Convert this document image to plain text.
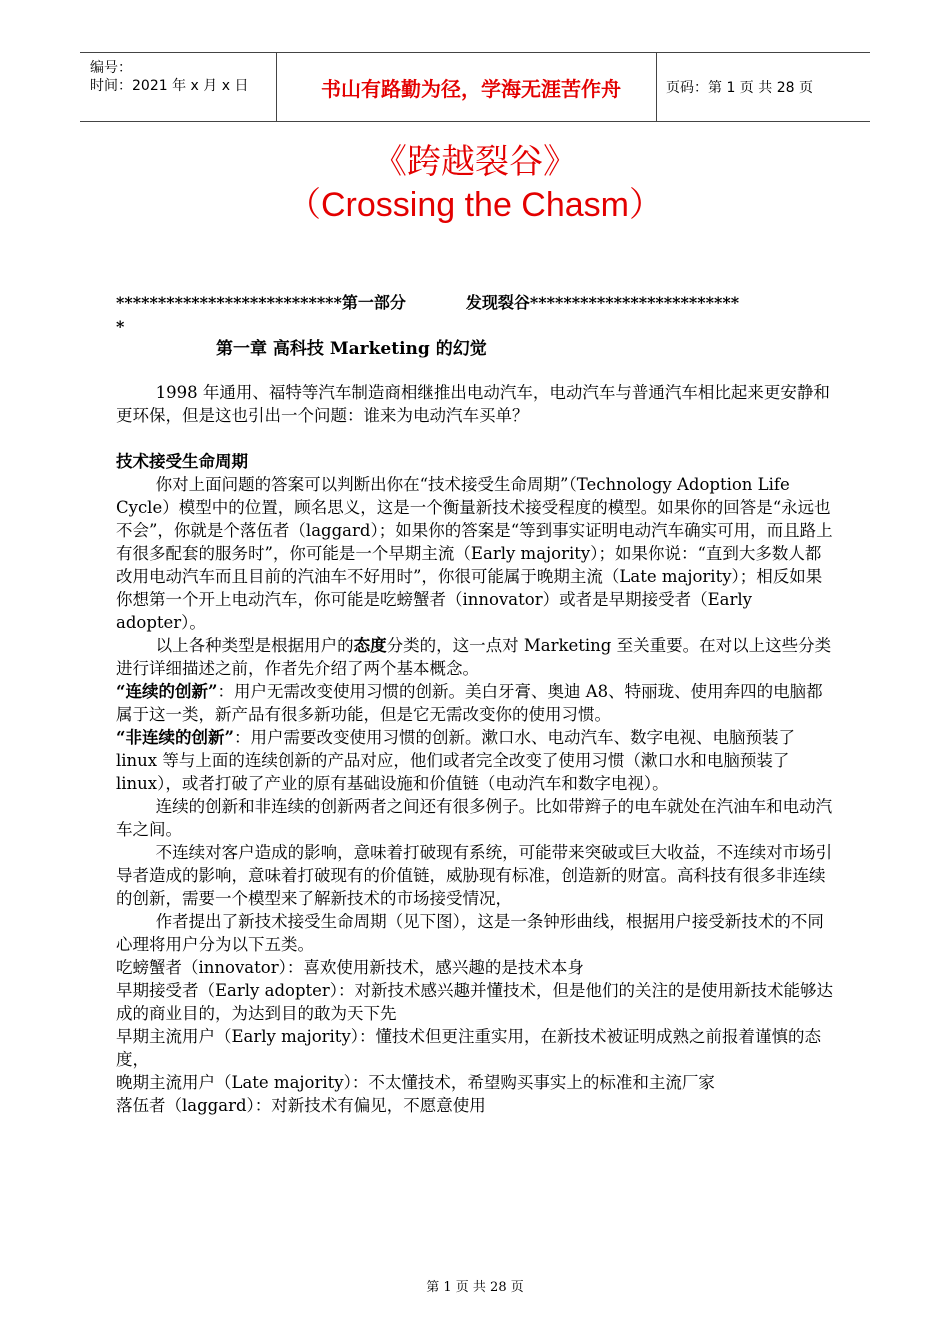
编号：
时间：2021 年 x 月 x 日	书山有路勤为径，学海无涯苦作舟	页码：第 1 页 共 28 页
《跨越裂谷》
（Crossing the Chasm）
***************************第一部分	发现裂谷*************************
*
第一章 高科技 Marketing 的幻觉

1998 年通用、福特等汽车制造商相继推出电动汽车，电动汽车与普通汽车相比起来更安静和更环保，但是这也引出一个问题：谁来为电动汽车买单？

技术接受生命周期

你对上面问题的答案可以判断出你在“技术接受生命周期”（Technology Adoption Life Cycle）模型中的位置，顾名思义，这是一个衡量新技术接受程度的模型。如果你的回答是“永远也不会”，你就是个落伍者（laggard）；如果你的答案是“等到事实证明电动汽车确实可用，而且路上有很多配套的服务时”，你可能是一个早期主流（Early majority）；如果你说：“直到大多数人都改用电动汽车而且目前的汽油车不好用时”，你很可能属于晚期主流（Late majority）；相反如果你想第一个开上电动汽车，你可能是吃螃蟹者（innovator）或者是早期接受者（Early adopter）。

以上各种类型是根据用户的态度分类的，这一点对 Marketing 至关重要。在对以上这些分类进行详细描述之前，作者先介绍了两个基本概念。

“连续的创新”：用户无需改变使用习惯的创新。美白牙膏、奥迪 A8、特丽珑、使用奔四的电脑都属于这一类，新产品有很多新功能，但是它无需改变你的使用习惯。

“非连续的创新”：用户需要改变使用习惯的创新。漱口水、电动汽车、数字电视、电脑预装了 linux 等与上面的连续创新的产品对应，他们或者完全改变了使用习惯（漱口水和电脑预装了 linux），或者打破了产业的原有基础设施和价值链（电动汽车和数字电视）。

连续的创新和非连续的创新两者之间还有很多例子。比如带辫子的电车就处在汽油车和电动汽车之间。

不连续对客户造成的影响，意味着打破现有系统，可能带来突破或巨大收益，不连续对市场引导者造成的影响，意味着打破现有的价值链，威胁现有标准，创造新的财富。高科技有很多非连续的创新，需要一个模型来了解新技术的市场接受情况，

作者提出了新技术接受生命周期（见下图），这是一条钟形曲线，根据用户接受新技术的不同心理将用户分为以下五类。

吃螃蟹者（innovator）：喜欢使用新技术，感兴趣的是技术本身

早期接受者（Early adopter）：对新技术感兴趣并懂技术，但是他们的关注的是使用新技术能够达成的商业目的，为达到目的敢为天下先

早期主流用户（Early majority）：懂技术但更注重实用，在新技术被证明成熟之前报着谨慎的态度，

晚期主流用户（Late majority）：不太懂技术，希望购买事实上的标准和主流厂家

落伍者（laggard）：对新技术有偏见，不愿意使用

第 1 页 共 28 页
